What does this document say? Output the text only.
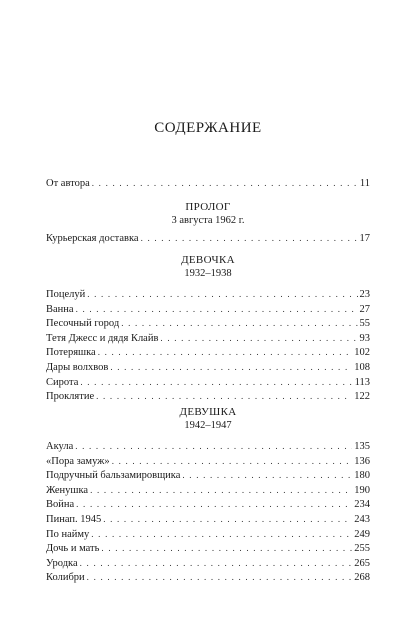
СОДЕРЖАНИЕ
От автора . . .	11
ПРОЛОГ
3 августа 1962 г.
Курьерская доставка . . .	17
ДЕВОЧКА
1932–1938
Поцелуй . . .	23
Ванна . . .	27
Песочный город . . .	55
Тетя Джесс и дядя Клайв . . .	93
Потеряшка . . .	102
Дары волхвов . . .	108
Сирота . . .	113
Проклятие . . .	122
ДЕВУШКА
1942–1947
Акула . . .	135
«Пора замуж» . . .	136
Подручный бальзамировщика . . .	180
Женушка . . .	190
Война . . .	234
Пинап. 1945 . . .	243
По найму . . .	249
Дочь и мать . . .	255
Уродка . . .	265
Колибри . . .	268
